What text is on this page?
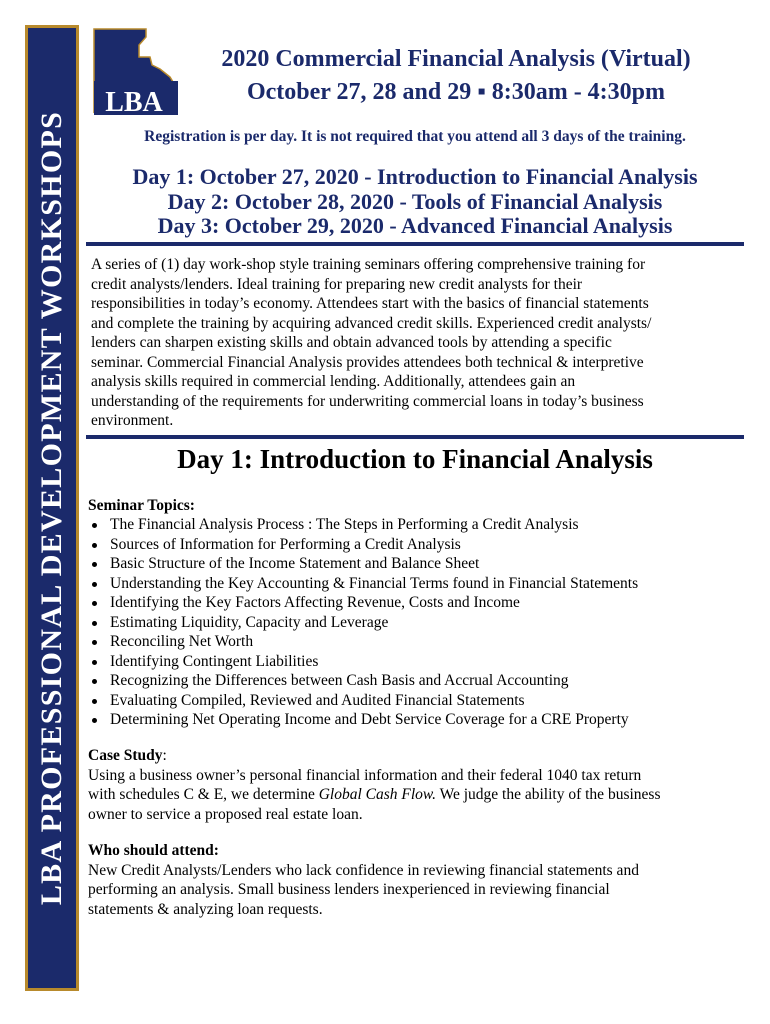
LBA PROFESSIONAL DEVELOPMENT WORKSHOPS
LBA
2020 Commercial Financial Analysis (Virtual)
October 27, 28 and 29 ▪ 8:30am - 4:30pm
Registration is per day. It is not required that you attend all 3 days of the training.
Day 1: October 27, 2020 - Introduction to Financial Analysis
Day 2: October 28, 2020 - Tools of Financial Analysis
Day 3: October 29, 2020 - Advanced Financial Analysis
A series of (1) day work-shop style training seminars offering comprehensive training for
credit analysts/lenders. Ideal training for preparing new credit analysts for their
responsibilities in today’s economy. Attendees start with the basics of financial statements
and complete the training by acquiring advanced credit skills. Experienced credit analysts/
lenders can sharpen existing skills and obtain advanced tools by attending a specific
seminar. Commercial Financial Analysis provides attendees both technical & interpretive
analysis skills required in commercial lending. Additionally, attendees gain an
understanding of the requirements for underwriting commercial loans in today’s business
environment.
Day 1: Introduction to Financial Analysis
Seminar Topics:
The Financial Analysis Process : The Steps in Performing a Credit Analysis
Sources of Information for Performing a Credit Analysis
Basic Structure of the Income Statement and Balance Sheet
Understanding the Key Accounting & Financial Terms found in Financial Statements
Identifying the Key Factors Affecting Revenue, Costs and Income
Estimating Liquidity, Capacity and Leverage
Reconciling Net Worth
Identifying Contingent Liabilities
Recognizing the Differences between Cash Basis and Accrual Accounting
Evaluating Compiled, Reviewed and Audited Financial Statements
Determining Net Operating Income and Debt Service Coverage for a CRE Property
Case Study:
Using a business owner’s personal financial information and their federal 1040 tax return
with schedules C & E, we determine Global Cash Flow. We judge the ability of the business
owner to service a proposed real estate loan.
Who should attend:
New Credit Analysts/Lenders who lack confidence in reviewing financial statements and
performing an analysis. Small business lenders inexperienced in reviewing financial
statements & analyzing loan requests.
